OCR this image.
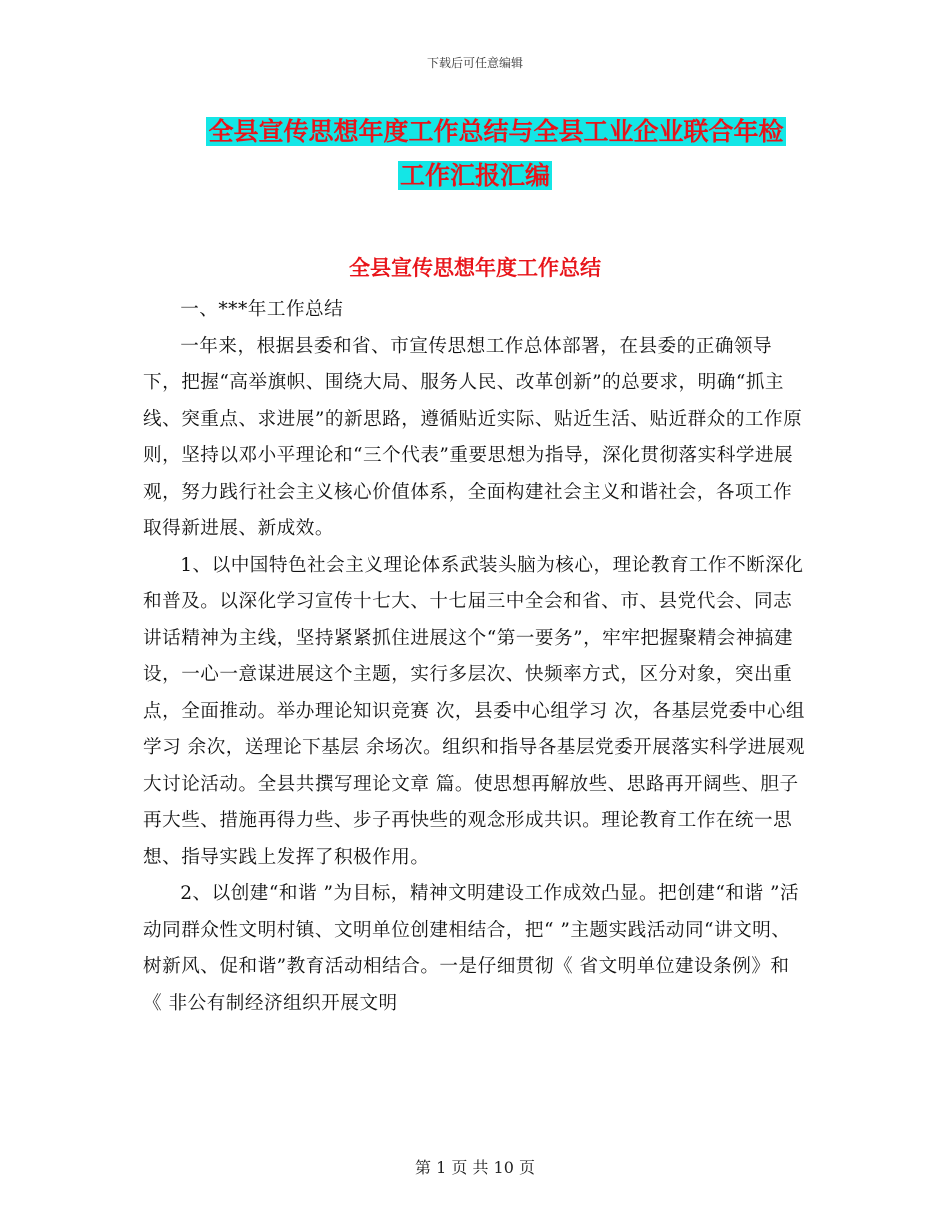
下载后可任意编辑
全县宣传思想年度工作总结与全县工业企业联合年检
工作汇报汇编
全县宣传思想年度工作总结

一、***年工作总结

一年来，根据县委和省、市宣传思想工作总体部署，在县委的正确领导下，把握“高举旗帜、围绕大局、服务人民、改革创新”的总要求，明确“抓主线、突重点、求进展”的新思路，遵循贴近实际、贴近生活、贴近群众的工作原则，坚持以邓小平理论和“三个代表”重要思想为指导，深化贯彻落实科学进展观，努力践行社会主义核心价值体系，全面构建社会主义和谐社会，各项工作取得新进展、新成效。

1、以中国特色社会主义理论体系武装头脑为核心，理论教育工作不断深化和普及。以深化学习宣传十七大、十七届三中全会和省、市、县党代会、同志讲话精神为主线，坚持紧紧抓住进展这个“第一要务”，牢牢把握聚精会神搞建设，一心一意谋进展这个主题，实行多层次、快频率方式，区分对象，突出重点，全面推动。举办理论知识竞赛 次，县委中心组学习 次，各基层党委中心组学习 余次，送理论下基层 余场次。组织和指导各基层党委开展落实科学进展观大讨论活动。全县共撰写理论文章 篇。使思想再解放些、思路再开阔些、胆子再大些、措施再得力些、步子再快些的观念形成共识。理论教育工作在统一思想、指导实践上发挥了积极作用。

2、以创建“和谐 ”为目标，精神文明建设工作成效凸显。把创建“和谐 ”活动同群众性文明村镇、文明单位创建相结合，把“ ”主题实践活动同“讲文明、树新风、促和谐”教育活动相结合。一是仔细贯彻《 省文明单位建设条例》和《 非公有制经济组织开展文明

第 1 页 共 10 页
